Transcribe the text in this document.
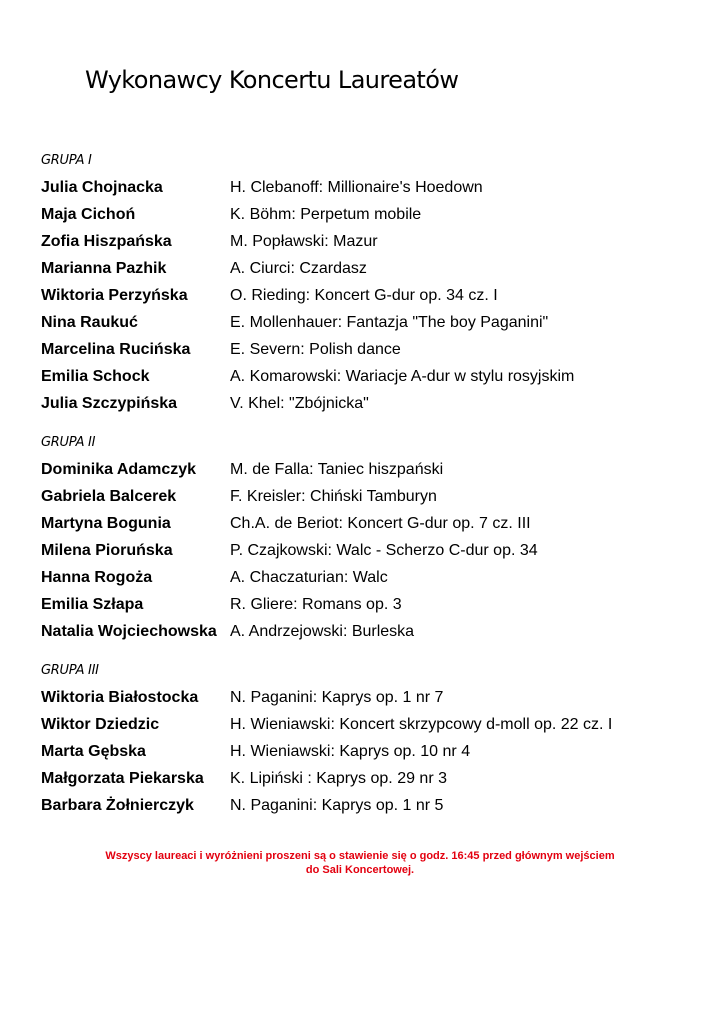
Wykonawcy Koncertu Laureatów
GRUPA I
Julia Chojnacka	H. Clebanoff: Millionaire's Hoedown
Maja Cichoń	K. Böhm: Perpetum mobile
Zofia Hiszpańska	M. Popławski: Mazur
Marianna Pazhik	A. Ciurci: Czardasz
Wiktoria Perzyńska	O. Rieding: Koncert G-dur op. 34 cz. I
Nina Raukuć	E. Mollenhauer: Fantazja "The boy Paganini"
Marcelina Rucińska	E. Severn: Polish dance
Emilia Schock	A. Komarowski: Wariacje A-dur w stylu rosyjskim
Julia Szczypińska	V. Khel: "Zbójnicka"
GRUPA II
Dominika Adamczyk	M. de Falla: Taniec hiszpański
Gabriela Balcerek	F. Kreisler: Chiński Tamburyn
Martyna Bogunia	Ch.A. de Beriot: Koncert G-dur op. 7 cz. III
Milena Pioruńska	P. Czajkowski: Walc - Scherzo C-dur op. 34
Hanna Rogoża	A. Chaczaturian: Walc
Emilia Szłapa	R. Gliere: Romans op. 3
Natalia Wojciechowska A. Andrzejowski: Burleska
GRUPA III
Wiktoria Białostocka	N. Paganini: Kaprys op. 1 nr 7
Wiktor Dziedzic	H. Wieniawski: Koncert skrzypcowy d-moll op. 22 cz. I
Marta Gębska	H. Wieniawski: Kaprys op. 10 nr 4
Małgorzata Piekarska	K. Lipiński : Kaprys op. 29 nr 3
Barbara Żołnierczyk	N. Paganini: Kaprys op. 1 nr 5
Wszyscy laureaci i wyróżnieni proszeni są o stawienie się o godz. 16:45 przed głównym wejściem
do Sali Koncertowej.
